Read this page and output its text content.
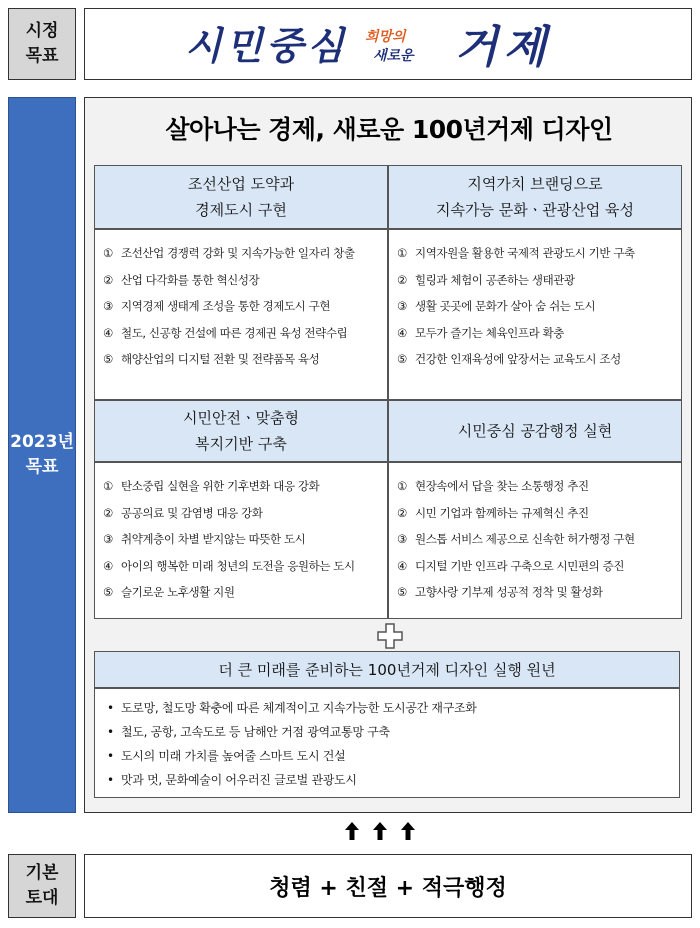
시정
목표	시민중심 희망의
새로운 거제
2023년
목표
살아나는 경제, 새로운 100년거제 디자인
조선산업 도약과
경제도시 구현
① 조선산업 경쟁력 강화 및 지속가능한 일자리 창출
② 산업 다각화를 통한 혁신성장
③ 지역경제 생태계 조성을 통한 경제도시 구현
④ 철도, 신공항 건설에 따른 경제권 육성 전략수립
⑤ 해양산업의 디지털 전환 및 전략품목 육성
지역가치 브랜딩으로
지속가능 문화ㆍ관광산업 육성
① 지역자원을 활용한 국제적 관광도시 기반 구축
② 힐링과 체험이 공존하는 생태관광
③ 생활 곳곳에 문화가 살아 숨 쉬는 도시
④ 모두가 즐기는 체육인프라 확충
⑤ 건강한 인재육성에 앞장서는 교육도시 조성
시민안전ㆍ맞춤형
복지기반 구축
① 탄소중립 실현을 위한 기후변화 대응 강화
② 공공의료 및 감염병 대응 강화
③ 취약계층이 차별 받지않는 따뜻한 도시
④ 아이의 행복한 미래 청년의 도전을 응원하는 도시
⑤ 슬기로운 노후생활 지원
시민중심 공감행정 실현
① 현장속에서 답을 찾는 소통행정 추진
② 시민 기업과 함께하는 규제혁신 추진
③ 원스톱 서비스 제공으로 신속한 허가행정 구현
④ 디지털 기반 인프라 구축으로 시민편의 증진
⑤ 고향사랑 기부제 성공적 정착 및 활성화
더 큰 미래를 준비하는 100년거제 디자인 실행 원년
• 도로망, 철도망 확충에 따른 체계적이고 지속가능한 도시공간 재구조화
• 철도, 공항, 고속도로 등 남해안 거점 광역교통망 구축
• 도시의 미래 가치를 높여줄 스마트 도시 건설
• 맛과 멋, 문화예술이 어우러진 글로벌 관광도시
기본
토대	청렴 + 친절 + 적극행정
